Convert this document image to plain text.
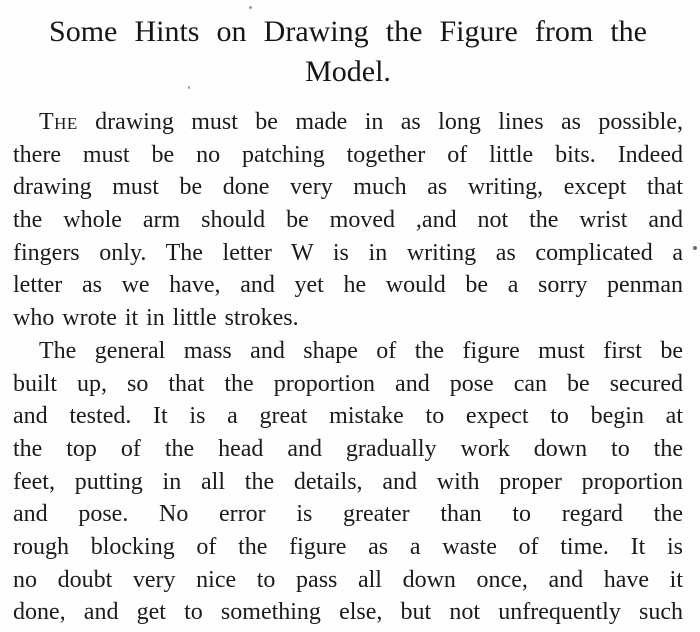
Some Hints on Drawing the Figure from the
Model.
The drawing must be made in as long lines as possible,
there must be no patching together of little bits. Indeed
drawing must be done very much as writing, except that
the whole arm should be moved ,and not the wrist and
fingers only. The letter W is in writing as complicated a
letter as we have, and yet he would be a sorry penman
who wrote it in little strokes.
The general mass and shape of the figure must first be
built up, so that the proportion and pose can be secured
and tested. It is a great mistake to expect to begin at
the top of the head and gradually work down to the
feet, putting in all the details, and with proper proportion
and pose. No error is greater than to regard the
rough blocking of the figure as a waste of time. It is
no doubt very nice to pass all down once, and have it
done, and get to something else, but not unfrequently such
